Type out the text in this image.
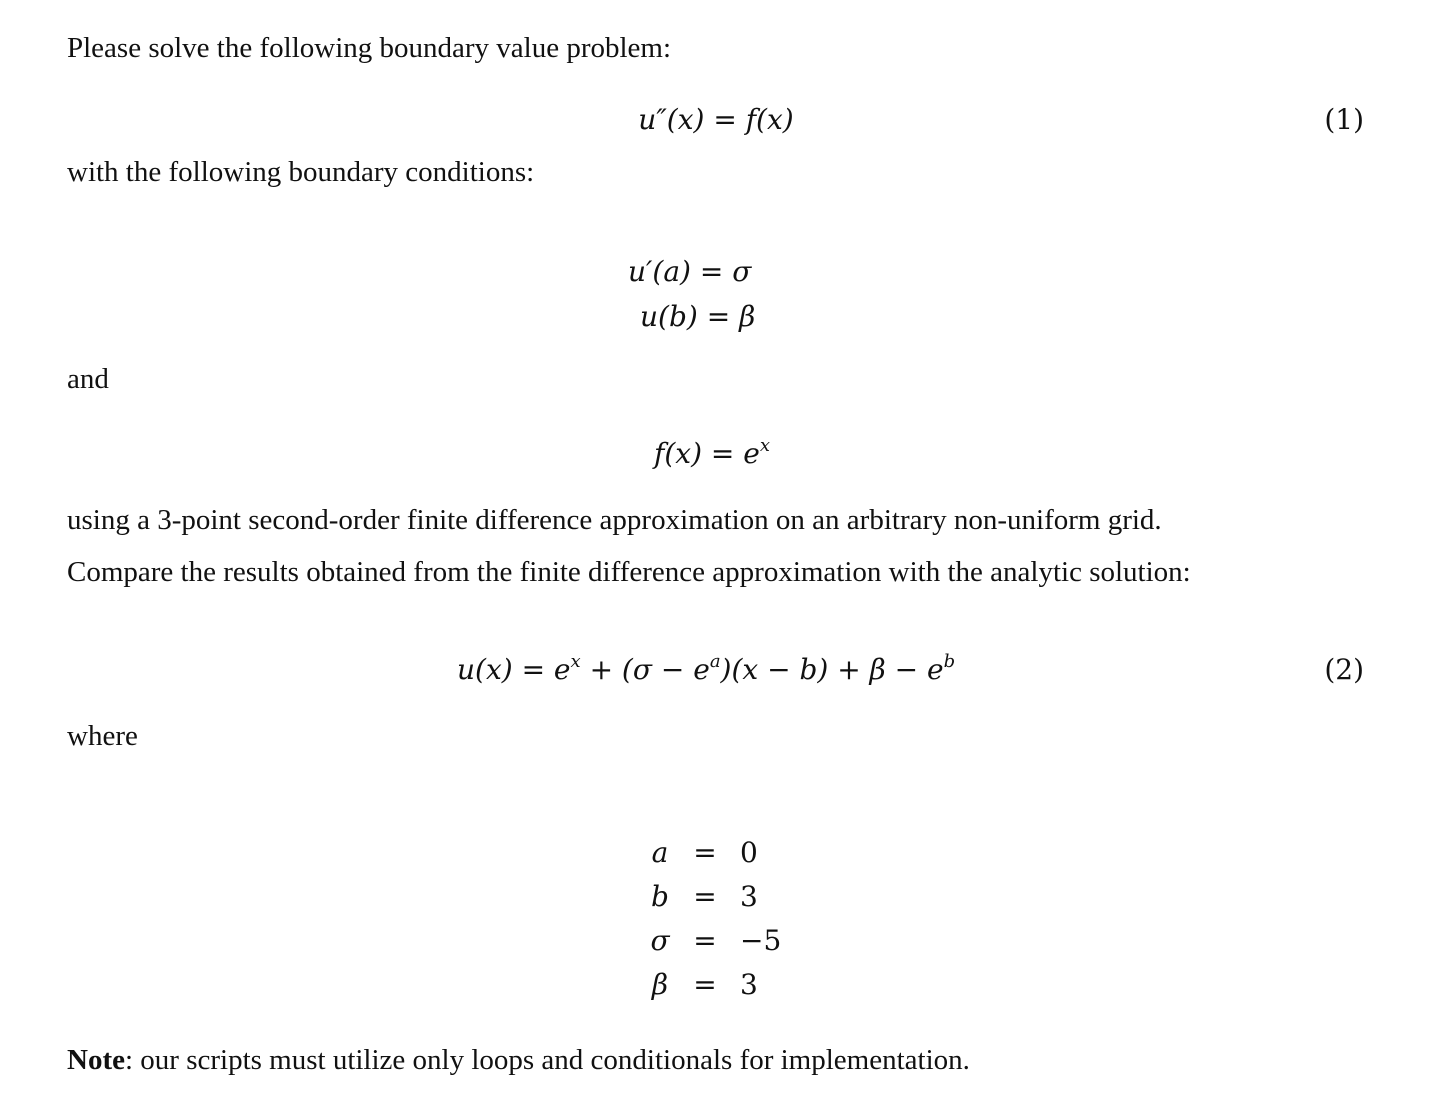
Please solve the following boundary value problem:
u″(x) = f(x)	(1)
with the following boundary conditions:
u′(a) = σ
u(b) = β
and
$f(x) = e^x$
using a 3-point second-order finite difference approximation on an arbitrary non-uniform grid.
Compare the results obtained from the finite difference approximation with the analytic solution:
$u(x) = e^x + (\sigma - e^a)(x - b) + \beta - e^b$	(2)
where
a = 0
b = 3
σ = −5
β = 3
Note: our scripts must utilize only loops and conditionals for implementation.
